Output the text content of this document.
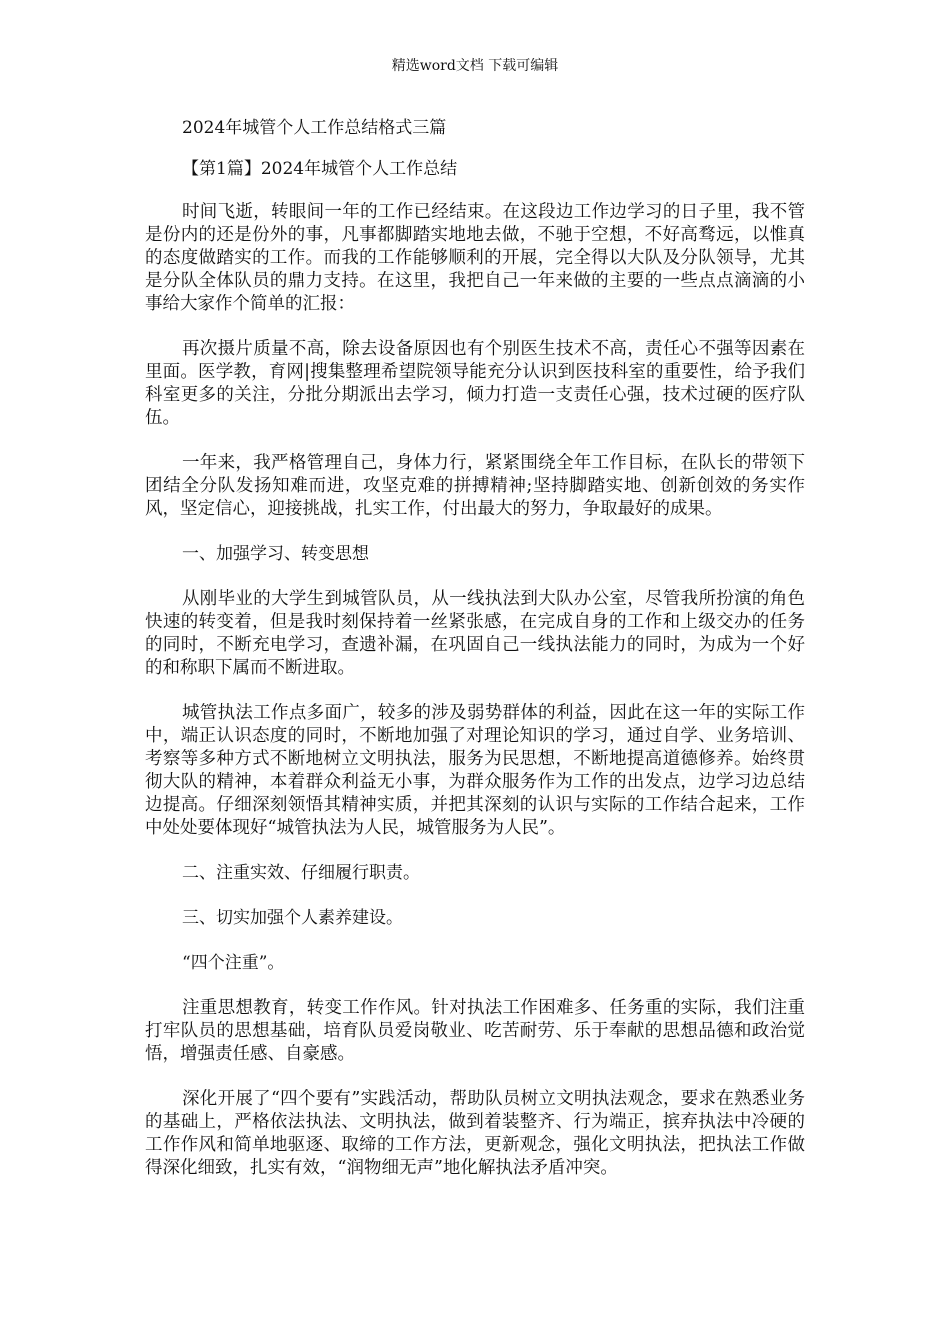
精选word文档 下载可编辑
2024年城管个人工作总结格式三篇
【第1篇】2024年城管个人工作总结

时间飞逝，转眼间一年的工作已经结束。在这段边工作边学习的日子里，我不管是份内的还是份外的事，凡事都脚踏实地地去做，不驰于空想，不好高骛远，以惟真的态度做踏实的工作。而我的工作能够顺利的开展，完全得以大队及分队领导，尤其是分队全体队员的鼎力支持。在这里，我把自己一年来做的主要的一些点点滴滴的小事给大家作个简单的汇报：

再次摄片质量不高，除去设备原因也有个别医生技术不高，责任心不强等因素在里面。医学教，育网|搜集整理希望院领导能充分认识到医技科室的重要性，给予我们科室更多的关注，分批分期派出去学习，倾力打造一支责任心强，技术过硬的医疗队伍。

一年来，我严格管理自己，身体力行，紧紧围绕全年工作目标，在队长的带领下团结全分队发扬知难而进，攻坚克难的拼搏精神;坚持脚踏实地、创新创效的务实作风，坚定信心，迎接挑战，扎实工作，付出最大的努力，争取最好的成果。

一、加强学习、转变思想

从刚毕业的大学生到城管队员，从一线执法到大队办公室，尽管我所扮演的角色快速的转变着，但是我时刻保持着一丝紧张感，在完成自身的工作和上级交办的任务的同时，不断充电学习，查遗补漏，在巩固自己一线执法能力的同时，为成为一个好的和称职下属而不断进取。

城管执法工作点多面广，较多的涉及弱势群体的利益，因此在这一年的实际工作中，端正认识态度的同时，不断地加强了对理论知识的学习，通过自学、业务培训、考察等多种方式不断地树立文明执法，服务为民思想，不断地提高道德修养。始终贯彻大队的精神，本着群众利益无小事，为群众服务作为工作的出发点，边学习边总结边提高。仔细深刻领悟其精神实质，并把其深刻的认识与实际的工作结合起来，工作中处处要体现好“城管执法为人民，城管服务为人民”。

二、注重实效、仔细履行职责。

三、切实加强个人素养建设。

“四个注重”。

注重思想教育，转变工作作风。针对执法工作困难多、任务重的实际，我们注重打牢队员的思想基础，培育队员爱岗敬业、吃苦耐劳、乐于奉献的思想品德和政治觉悟，增强责任感、自豪感。

深化开展了“四个要有”实践活动，帮助队员树立文明执法观念，要求在熟悉业务的基础上，严格依法执法、文明执法，做到着装整齐、行为端正，摈弃执法中冷硬的工作作风和简单地驱逐、取缔的工作方法，更新观念，强化文明执法，把执法工作做得深化细致，扎实有效，“润物细无声”地化解执法矛盾冲突。
